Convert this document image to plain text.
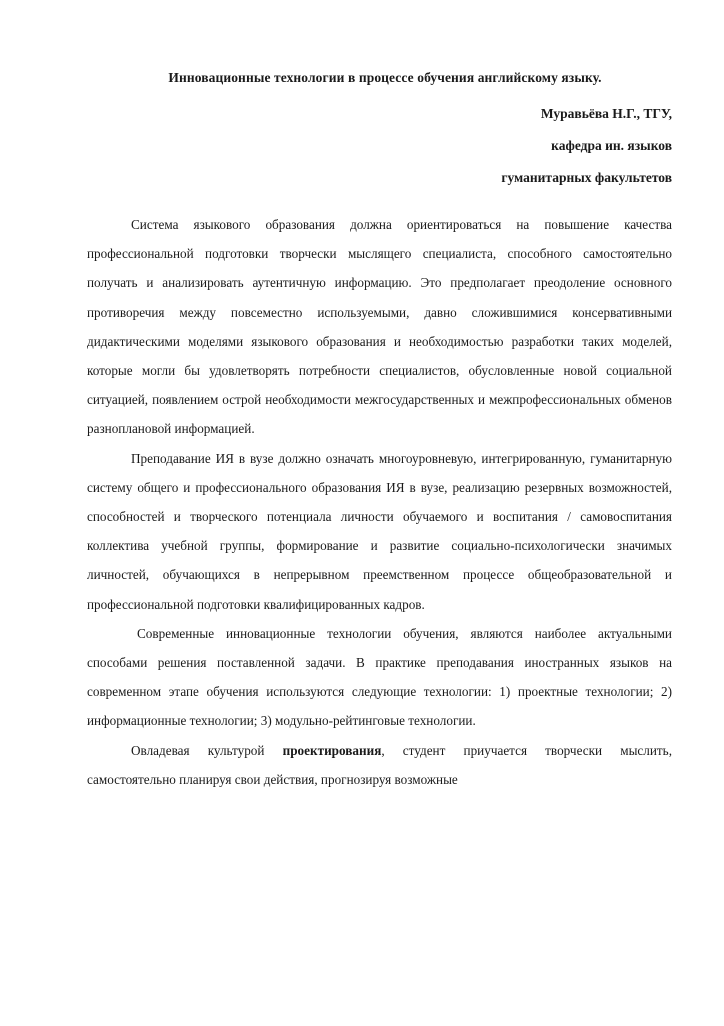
Инновационные технологии в процессе обучения английскому языку.
Муравьёва Н.Г., ТГУ,
кафедра ин. языков
гуманитарных факультетов

Система языкового образования должна ориентироваться на повышение качества профессиональной подготовки творчески мыслящего специалиста, способного самостоятельно получать и анализировать аутентичную информацию. Это предполагает преодоление основного противоречия между повсеместно используемыми, давно сложившимися консервативными дидактическими моделями языкового образования и необходимостью разработки таких моделей, которые могли бы удовлетворять потребности специалистов, обусловленные новой социальной ситуацией, появлением острой необходимости межгосударственных и межпрофессиональных обменов разноплановой информацией.

Преподавание ИЯ в вузе должно означать многоуровневую, интегрированную, гуманитарную систему общего и профессионального образования ИЯ в вузе, реализацию резервных возможностей, способностей и творческого потенциала личности обучаемого и воспитания / самовоспитания коллектива учебной группы, формирование и развитие социально-психологически значимых личностей, обучающихся в непрерывном преемственном процессе общеобразовательной и профессиональной подготовки квалифицированных кадров.

Современные инновационные технологии обучения, являются наиболее актуальными способами решения поставленной задачи. В практике преподавания иностранных языков на современном этапе обучения используются следующие технологии: 1) проектные технологии; 2) информационные технологии; 3) модульно-рейтинговые технологии.

Овладевая культурой проектирования, студент приучается творчески мыслить, самостоятельно планируя свои действия, прогнозируя возможные
